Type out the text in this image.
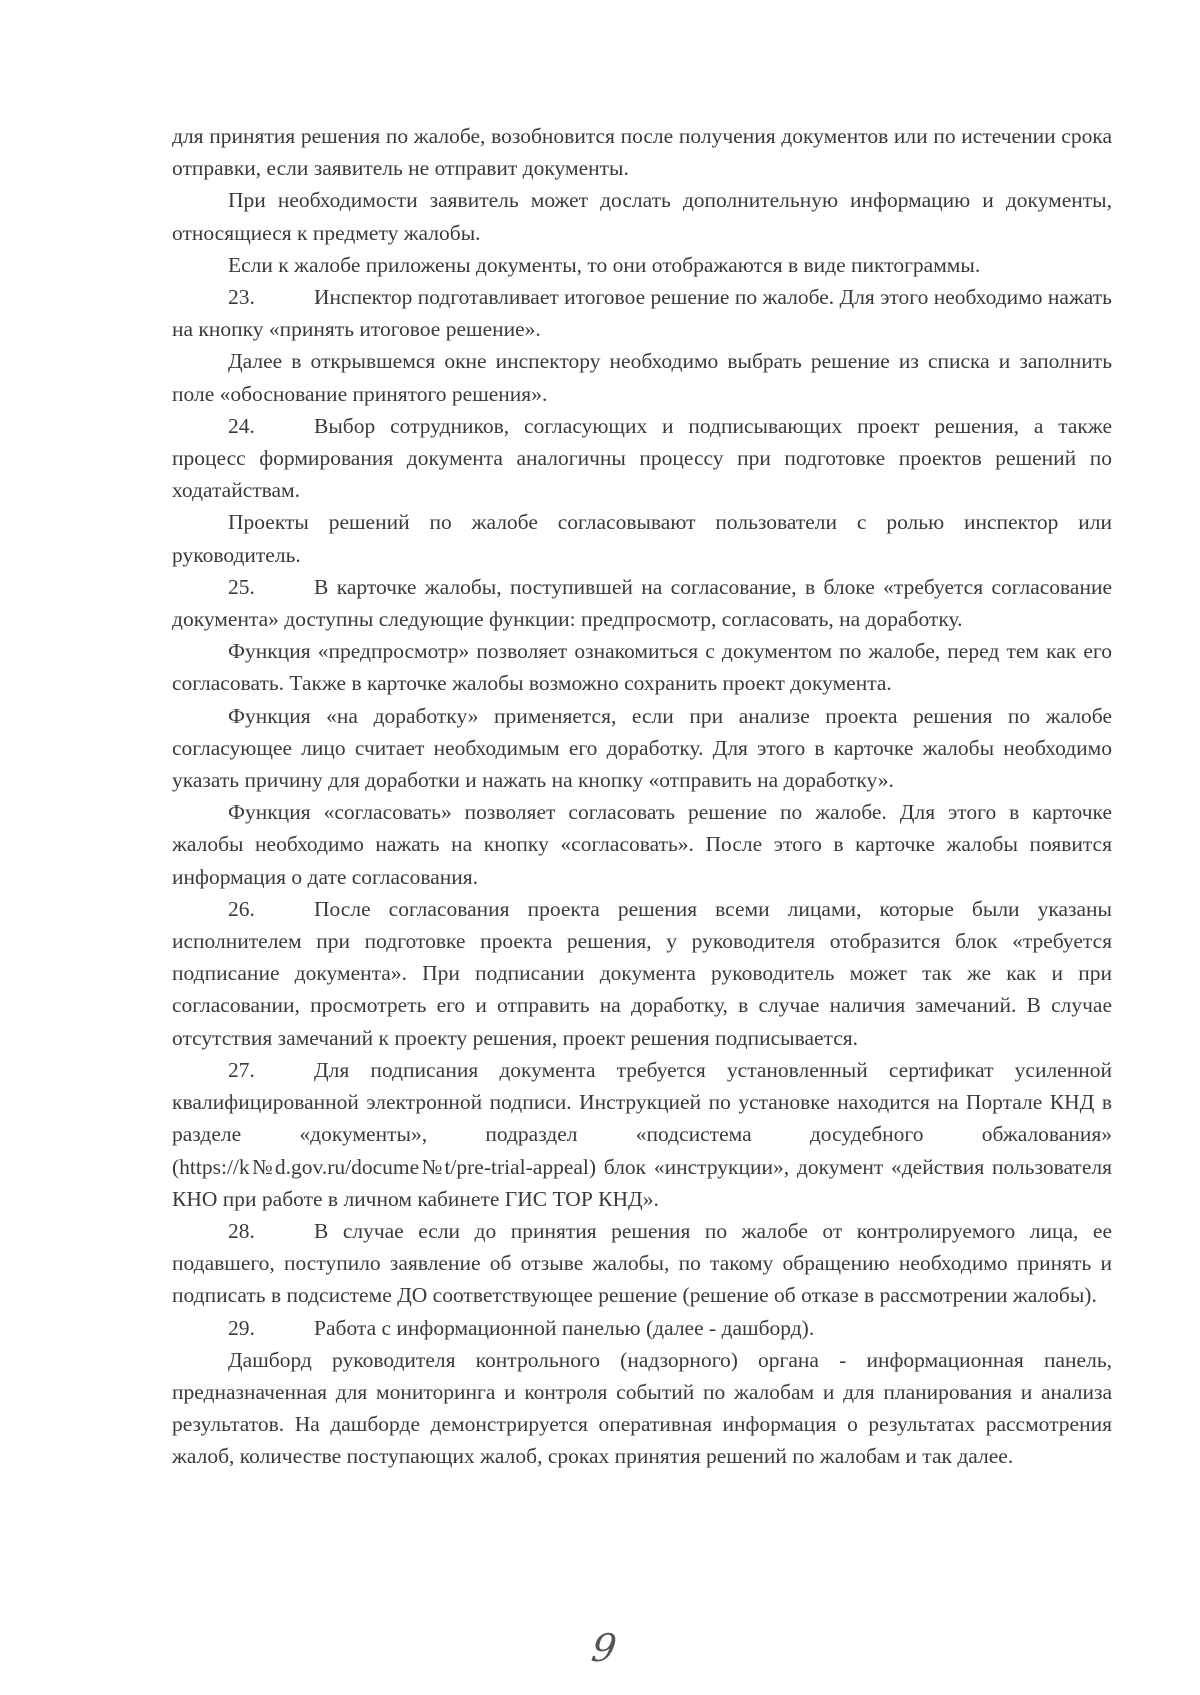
для принятия решения по жалобе, возобновится после получения документов или по истечении срока отправки, если заявитель не отправит документы.

При необходимости заявитель может дослать дополнительную информацию и документы, относящиеся к предмету жалобы.

Если к жалобе приложены документы, то они отображаются в виде пиктограммы.

23.	Инспектор подготавливает итоговое решение по жалобе. Для этого необходимо нажать на кнопку «принять итоговое решение».

Далее в открывшемся окне инспектору необходимо выбрать решение из списка и заполнить поле «обоснование принятого решения».

24.	Выбор сотрудников, согласующих и подписывающих проект решения, а также процесс формирования документа аналогичны процессу при подготовке проектов решений по ходатайствам.

Проекты решений по жалобе согласовывают пользователи с ролью инспектор или руководитель.

25.	В карточке жалобы, поступившей на согласование, в блоке «требуется согласование документа» доступны следующие функции: предпросмотр, согласовать, на доработку.

Функция «предпросмотр» позволяет ознакомиться с документом по жалобе, перед тем как его согласовать. Также в карточке жалобы возможно сохранить проект документа.

Функция «на доработку» применяется, если при анализе проекта решения по жалобе согласующее лицо считает необходимым его доработку. Для этого в карточке жалобы необходимо указать причину для доработки и нажать на кнопку «отправить на доработку».

Функция «согласовать» позволяет согласовать решение по жалобе. Для этого в карточке жалобы необходимо нажать на кнопку «согласовать». После этого в карточке жалобы появится информация о дате согласования.

26.	После согласования проекта решения всеми лицами, которые были указаны исполнителем при подготовке проекта решения, у руководителя отобразится блок «требуется подписание документа». При подписании документа руководитель может так же как и при согласовании, просмотреть его и отправить на доработку, в случае наличия замечаний. В случае отсутствия замечаний к проекту решения, проект решения подписывается.

27.	Для подписания документа требуется установленный сертификат усиленной квалифицированной электронной подписи. Инструкцией по установке находится на Портале КНД в разделе «документы», подраздел «подсистема досудебного обжалования» (https://k№d.gov.ru/docume№t/pre-trial-appeal) блок «инструкции», документ «действия пользователя КНО при работе в личном кабинете ГИС ТОР КНД».

28.	В случае если до принятия решения по жалобе от контролируемого лица, ее подавшего, поступило заявление об отзыве жалобы, по такому обращению необходимо принять и подписать в подсистеме ДО соответствующее решение (решение об отказе в рассмотрении жалобы).

29.	Работа с информационной панелью (далее - дашборд).

Дашборд руководителя контрольного (надзорного) органа - информационная панель, предназначенная для мониторинга и контроля событий по жалобам и для планирования и анализа результатов. На дашборде демонстрируется оперативная информация о результатах рассмотрения жалоб, количестве поступающих жалоб, сроках принятия решений по жалобам и так далее.

9
